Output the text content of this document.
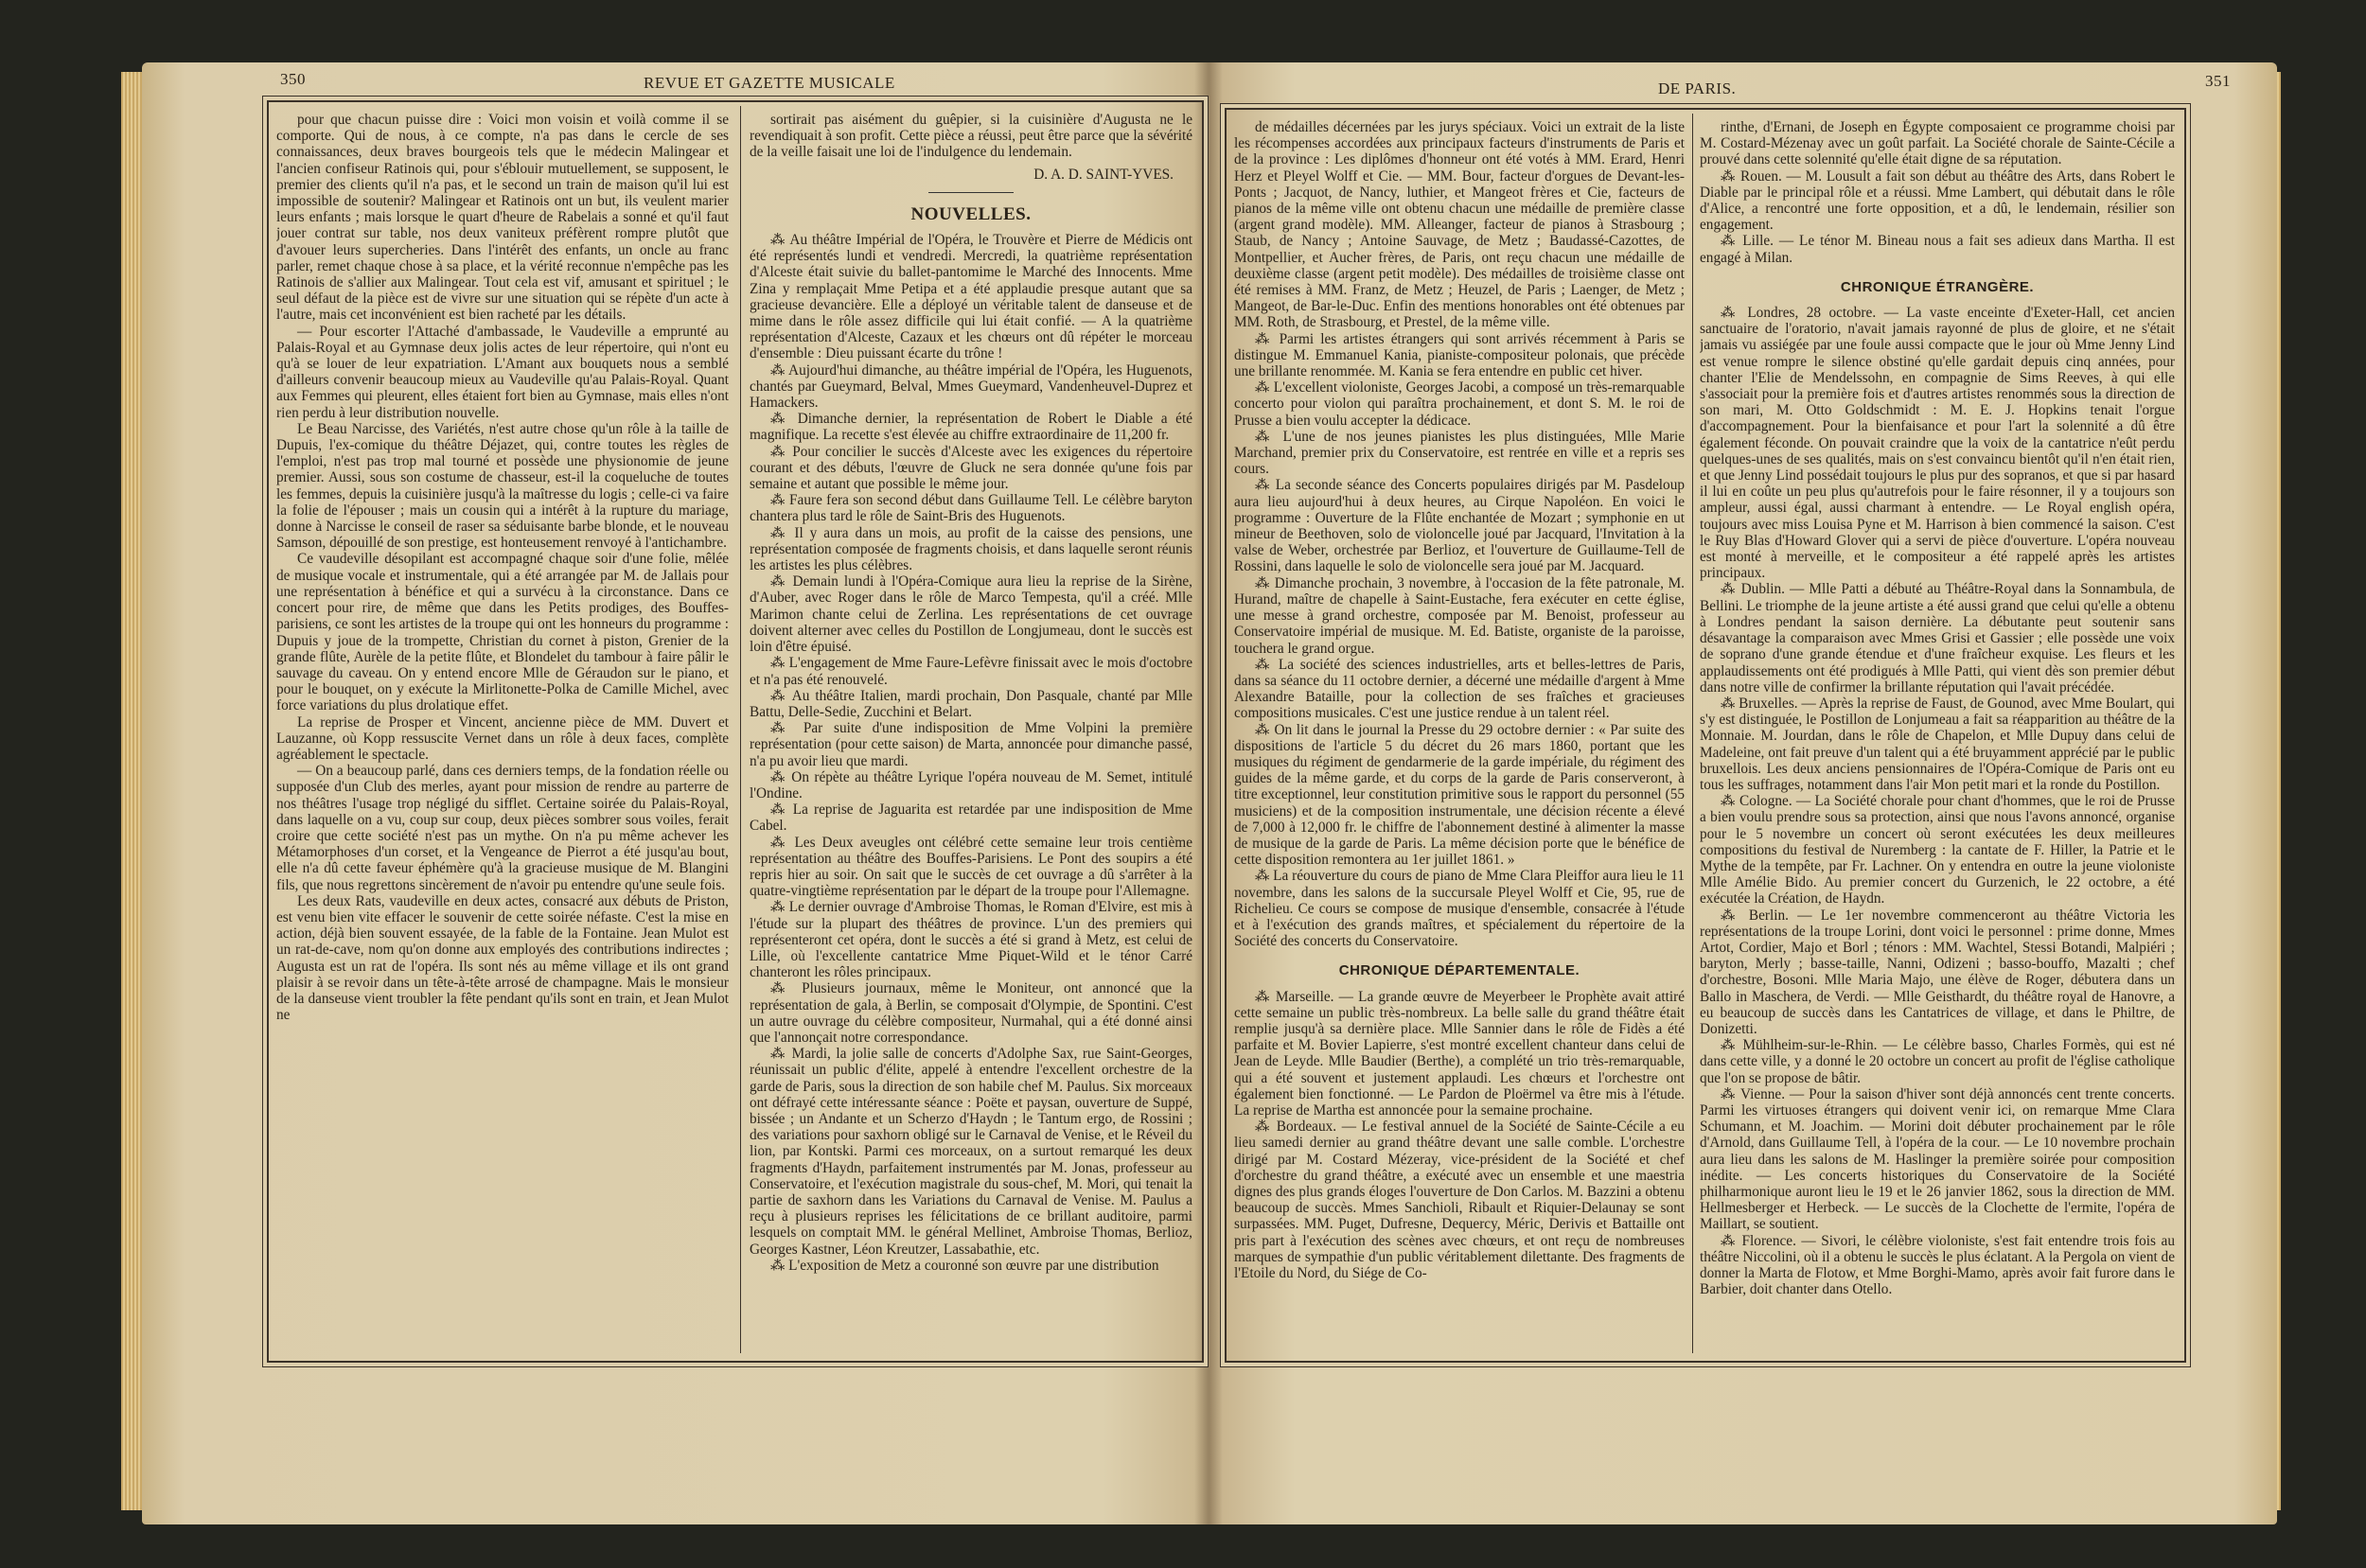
350	REVUE ET GAZETTE MUSICALE	DE PARIS.	351

pour que chacun puisse dire : Voici mon voisin et voilà comme il se comporte. Qui de nous, à ce compte, n'a pas dans le cercle de ses connaissances, deux braves bourgeois tels que le médecin Malingear et l'ancien confiseur Ratinois qui, pour s'éblouir mutuellement, se supposent, le premier des clients qu'il n'a pas, et le second un train de maison qu'il lui est impossible de soutenir? Malingear et Ratinois ont un but, ils veulent marier leurs enfants ; mais lorsque le quart d'heure de Rabelais a sonné et qu'il faut jouer contrat sur table, nos deux vaniteux préfèrent rompre plutôt que d'avouer leurs supercheries. Dans l'intérêt des enfants, un oncle au franc parler, remet chaque chose à sa place, et la vérité reconnue n'empêche pas les Ratinois de s'allier aux Malingear. Tout cela est vif, amusant et spirituel ; le seul défaut de la pièce est de vivre sur une situation qui se répète d'un acte à l'autre, mais cet inconvénient est bien racheté par les détails.

— Pour escorter l'Attaché d'ambassade, le Vaudeville a emprunté au Palais-Royal et au Gymnase deux jolis actes de leur répertoire, qui n'ont eu qu'à se louer de leur expatriation. L'Amant aux bouquets nous a semblé d'ailleurs convenir beaucoup mieux au Vaudeville qu'au Palais-Royal. Quant aux Femmes qui pleurent, elles étaient fort bien au Gymnase, mais elles n'ont rien perdu à leur distribution nouvelle.

Le Beau Narcisse, des Variétés, n'est autre chose qu'un rôle à la taille de Dupuis, l'ex-comique du théâtre Déjazet, qui, contre toutes les règles de l'emploi, n'est pas trop mal tourné et possède une physionomie de jeune premier. Aussi, sous son costume de chasseur, est-il la coqueluche de toutes les femmes, depuis la cuisinière jusqu'à la maîtresse du logis ; celle-ci va faire la folie de l'épouser ; mais un cousin qui a intérêt à la rupture du mariage, donne à Narcisse le conseil de raser sa séduisante barbe blonde, et le nouveau Samson, dépouillé de son prestige, est honteusement renvoyé à l'antichambre.

Ce vaudeville désopilant est accompagné chaque soir d'une folie, mêlée de musique vocale et instrumentale, qui a été arrangée par M. de Jallais pour une représentation à bénéfice et qui a survécu à la circonstance. Dans ce concert pour rire, de même que dans les Petits prodiges, des Bouffes-parisiens, ce sont les artistes de la troupe qui ont les honneurs du programme : Dupuis y joue de la trompette, Christian du cornet à piston, Grenier de la grande flûte, Aurèle de la petite flûte, et Blondelet du tambour à faire pâlir le sauvage du caveau. On y entend encore Mlle de Géraudon sur le piano, et pour le bouquet, on y exécute la Mirlitonette-Polka de Camille Michel, avec force variations du plus drolatique effet.

La reprise de Prosper et Vincent, ancienne pièce de MM. Duvert et Lauzanne, où Kopp ressuscite Vernet dans un rôle à deux faces, complète agréablement le spectacle.

— On a beaucoup parlé, dans ces derniers temps, de la fondation réelle ou supposée d'un Club des merles, ayant pour mission de rendre au parterre de nos théâtres l'usage trop négligé du sifflet. Certaine soirée du Palais-Royal, dans laquelle on a vu, coup sur coup, deux pièces sombrer sous voiles, ferait croire que cette société n'est pas un mythe. On n'a pu même achever les Métamorphoses d'un corset, et la Vengeance de Pierrot a été jusqu'au bout, elle n'a dû cette faveur éphémère qu'à la gracieuse musique de M. Blangini fils, que nous regrettons sincèrement de n'avoir pu entendre qu'une seule fois.

Les deux Rats, vaudeville en deux actes, consacré aux débuts de Priston, est venu bien vite effacer le souvenir de cette soirée néfaste. C'est la mise en action, déjà bien souvent essayée, de la fable de la Fontaine. Jean Mulot est un rat-de-cave, nom qu'on donne aux employés des contributions indirectes ; Augusta est un rat de l'opéra. Ils sont nés au même village et ils ont grand plaisir à se revoir dans un tête-à-tête arrosé de champagne. Mais le monsieur de la danseuse vient troubler la fête pendant qu'ils sont en train, et Jean Mulot ne

sortirait pas aisément du guêpier, si la cuisinière d'Augusta ne le revendiquait à son profit. Cette pièce a réussi, peut être parce que la sévérité de la veille faisait une loi de l'indulgence du lendemain.

D. A. D. SAINT-YVES.
NOUVELLES.

⁂ Au théâtre Impérial de l'Opéra, le Trouvère et Pierre de Médicis ont été représentés lundi et vendredi. Mercredi, la quatrième représentation d'Alceste était suivie du ballet-pantomime le Marché des Innocents. Mme Zina y remplaçait Mme Petipa et a été applaudie presque autant que sa gracieuse devancière. Elle a déployé un véritable talent de danseuse et de mime dans le rôle assez difficile qui lui était confié. — A la quatrième représentation d'Alceste, Cazaux et les chœurs ont dû répéter le morceau d'ensemble : Dieu puissant écarte du trône !

⁂ Aujourd'hui dimanche, au théâtre impérial de l'Opéra, les Huguenots, chantés par Gueymard, Belval, Mmes Gueymard, Vandenheuvel-Duprez et Hamackers.

⁂ Dimanche dernier, la représentation de Robert le Diable a été magnifique. La recette s'est élevée au chiffre extraordinaire de 11,200 fr.

⁂ Pour concilier le succès d'Alceste avec les exigences du répertoire courant et des débuts, l'œuvre de Gluck ne sera donnée qu'une fois par semaine et autant que possible le même jour.

⁂ Faure fera son second début dans Guillaume Tell. Le célèbre baryton chantera plus tard le rôle de Saint-Bris des Huguenots.

⁂ Il y aura dans un mois, au profit de la caisse des pensions, une représentation composée de fragments choisis, et dans laquelle seront réunis les artistes les plus célèbres.

⁂ Demain lundi à l'Opéra-Comique aura lieu la reprise de la Sirène, d'Auber, avec Roger dans le rôle de Marco Tempesta, qu'il a créé. Mlle Marimon chante celui de Zerlina. Les représentations de cet ouvrage doivent alterner avec celles du Postillon de Longjumeau, dont le succès est loin d'être épuisé.

⁂ L'engagement de Mme Faure-Lefèvre finissait avec le mois d'octobre et n'a pas été renouvelé.

⁂ Au théâtre Italien, mardi prochain, Don Pasquale, chanté par Mlle Battu, Delle-Sedie, Zucchini et Belart.

⁂ Par suite d'une indisposition de Mme Volpini la première représentation (pour cette saison) de Marta, annoncée pour dimanche passé, n'a pu avoir lieu que mardi.

⁂ On répète au théâtre Lyrique l'opéra nouveau de M. Semet, intitulé l'Ondine.

⁂ La reprise de Jaguarita est retardée par une indisposition de Mme Cabel.

⁂ Les Deux aveugles ont célébré cette semaine leur trois centième représentation au théâtre des Bouffes-Parisiens. Le Pont des soupirs a été repris hier au soir. On sait que le succès de cet ouvrage a dû s'arrêter à la quatre-vingtième représentation par le départ de la troupe pour l'Allemagne.

⁂ Le dernier ouvrage d'Ambroise Thomas, le Roman d'Elvire, est mis à l'étude sur la plupart des théâtres de province. L'un des premiers qui représenteront cet opéra, dont le succès a été si grand à Metz, est celui de Lille, où l'excellente cantatrice Mme Piquet-Wild et le ténor Carré chanteront les rôles principaux.

⁂ Plusieurs journaux, même le Moniteur, ont annoncé que la représentation de gala, à Berlin, se composait d'Olympie, de Spontini. C'est un autre ouvrage du célèbre compositeur, Nurmahal, qui a été donné ainsi que l'annonçait notre correspondance.

⁂ Mardi, la jolie salle de concerts d'Adolphe Sax, rue Saint-Georges, réunissait un public d'élite, appelé à entendre l'excellent orchestre de la garde de Paris, sous la direction de son habile chef M. Paulus. Six morceaux ont défrayé cette intéressante séance : Poëte et paysan, ouverture de Suppé, bissée ; un Andante et un Scherzo d'Haydn ; le Tantum ergo, de Rossini ; des variations pour saxhorn obligé sur le Carnaval de Venise, et le Réveil du lion, par Kontski. Parmi ces morceaux, on a surtout remarqué les deux fragments d'Haydn, parfaitement instrumentés par M. Jonas, professeur au Conservatoire, et l'exécution magistrale du sous-chef, M. Mori, qui tenait la partie de saxhorn dans les Variations du Carnaval de Venise. M. Paulus a reçu à plusieurs reprises les félicitations de ce brillant auditoire, parmi lesquels on comptait MM. le général Mellinet, Ambroise Thomas, Berlioz, Georges Kastner, Léon Kreutzer, Lassabathie, etc.

⁂ L'exposition de Metz a couronné son œuvre par une distribution

de médailles décernées par les jurys spéciaux. Voici un extrait de la liste les récompenses accordées aux principaux facteurs d'instruments de Paris et de la province : Les diplômes d'honneur ont été votés à MM. Erard, Henri Herz et Pleyel Wolff et Cie. — MM. Bour, facteur d'orgues de Devant-les-Ponts ; Jacquot, de Nancy, luthier, et Mangeot frères et Cie, facteurs de pianos de la même ville ont obtenu chacun une médaille de première classe (argent grand modèle). MM. Alleanger, facteur de pianos à Strasbourg ; Staub, de Nancy ; Antoine Sauvage, de Metz ; Baudassé-Cazottes, de Montpellier, et Aucher frères, de Paris, ont reçu chacun une médaille de deuxième classe (argent petit modèle). Des médailles de troisième classe ont été remises à MM. Franz, de Metz ; Heuzel, de Paris ; Laenger, de Metz ; Mangeot, de Bar-le-Duc. Enfin des mentions honorables ont été obtenues par MM. Roth, de Strasbourg, et Prestel, de la même ville.

⁂ Parmi les artistes étrangers qui sont arrivés récemment à Paris se distingue M. Emmanuel Kania, pianiste-compositeur polonais, que précède une brillante renommée. M. Kania se fera entendre en public cet hiver.

⁂ L'excellent violoniste, Georges Jacobi, a composé un très-remarquable concerto pour violon qui paraîtra prochainement, et dont S. M. le roi de Prusse a bien voulu accepter la dédicace.

⁂ L'une de nos jeunes pianistes les plus distinguées, Mlle Marie Marchand, premier prix du Conservatoire, est rentrée en ville et a repris ses cours.

⁂ La seconde séance des Concerts populaires dirigés par M. Pasdeloup aura lieu aujourd'hui à deux heures, au Cirque Napoléon. En voici le programme : Ouverture de la Flûte enchantée de Mozart ; symphonie en ut mineur de Beethoven, solo de violoncelle joué par Jacquard, l'Invitation à la valse de Weber, orchestrée par Berlioz, et l'ouverture de Guillaume-Tell de Rossini, dans laquelle le solo de violoncelle sera joué par M. Jacquard.

⁂ Dimanche prochain, 3 novembre, à l'occasion de la fête patronale, M. Hurand, maître de chapelle à Saint-Eustache, fera exécuter en cette église, une messe à grand orchestre, composée par M. Benoist, professeur au Conservatoire impérial de musique. M. Ed. Batiste, organiste de la paroisse, touchera le grand orgue.

⁂ La société des sciences industrielles, arts et belles-lettres de Paris, dans sa séance du 11 octobre dernier, a décerné une médaille d'argent à Mme Alexandre Bataille, pour la collection de ses fraîches et gracieuses compositions musicales. C'est une justice rendue à un talent réel.

⁂ On lit dans le journal la Presse du 29 octobre dernier : « Par suite des dispositions de l'article 5 du décret du 26 mars 1860, portant que les musiques du régiment de gendarmerie de la garde impériale, du régiment des guides de la même garde, et du corps de la garde de Paris conserveront, à titre exceptionnel, leur constitution primitive sous le rapport du personnel (55 musiciens) et de la composition instrumentale, une décision récente a élevé de 7,000 à 12,000 fr. le chiffre de l'abonnement destiné à alimenter la masse de musique de la garde de Paris. La même décision porte que le bénéfice de cette disposition remontera au 1er juillet 1861. »

⁂ La réouverture du cours de piano de Mme Clara Pleiffor aura lieu le 11 novembre, dans les salons de la succursale Pleyel Wolff et Cie, 95, rue de Richelieu. Ce cours se compose de musique d'ensemble, consacrée à l'étude et à l'exécution des grands maîtres, et spécialement du répertoire de la Société des concerts du Conservatoire.

CHRONIQUE DÉPARTEMENTALE.

⁂ Marseille. — La grande œuvre de Meyerbeer le Prophète avait attiré cette semaine un public très-nombreux. La belle salle du grand théâtre était remplie jusqu'à sa dernière place. Mlle Sannier dans le rôle de Fidès a été parfaite et M. Bovier Lapierre, s'est montré excellent chanteur dans celui de Jean de Leyde. Mlle Baudier (Berthe), a complété un trio très-remarquable, qui a été souvent et justement applaudi. Les chœurs et l'orchestre ont également bien fonctionné. — Le Pardon de Ploërmel va être mis à l'étude. La reprise de Martha est annoncée pour la semaine prochaine.

⁂ Bordeaux. — Le festival annuel de la Société de Sainte-Cécile a eu lieu samedi dernier au grand théâtre devant une salle comble. L'orchestre dirigé par M. Costard Mézeray, vice-président de la Société et chef d'orchestre du grand théâtre, a exécuté avec un ensemble et une maestria dignes des plus grands éloges l'ouverture de Don Carlos. M. Bazzini a obtenu beaucoup de succès. Mmes Sanchioli, Ribault et Riquier-Delaunay se sont surpassées. MM. Puget, Dufresne, Dequercy, Méric, Derivis et Battaille ont pris part à l'exécution des scènes avec chœurs, et ont reçu de nombreuses marques de sympathie d'un public véritablement dilettante. Des fragments de l'Etoile du Nord, du Siége de Co-

rinthe, d'Ernani, de Joseph en Égypte composaient ce programme choisi par M. Costard-Mézenay avec un goût parfait. La Société chorale de Sainte-Cécile a prouvé dans cette solennité qu'elle était digne de sa réputation.

⁂ Rouen. — M. Lousult a fait son début au théâtre des Arts, dans Robert le Diable par le principal rôle et a réussi. Mme Lambert, qui débutait dans le rôle d'Alice, a rencontré une forte opposition, et a dû, le lendemain, résilier son engagement.

⁂ Lille. — Le ténor M. Bineau nous a fait ses adieux dans Martha. Il est engagé à Milan.

CHRONIQUE ÉTRANGÈRE.

⁂ Londres, 28 octobre. — La vaste enceinte d'Exeter-Hall, cet ancien sanctuaire de l'oratorio, n'avait jamais rayonné de plus de gloire, et ne s'était jamais vu assiégée par une foule aussi compacte que le jour où Mme Jenny Lind est venue rompre le silence obstiné qu'elle gardait depuis cinq années, pour chanter l'Elie de Mendelssohn, en compagnie de Sims Reeves, à qui elle s'associait pour la première fois et d'autres artistes renommés sous la direction de son mari, M. Otto Goldschmidt : M. E. J. Hopkins tenait l'orgue d'accompagnement. Pour la bienfaisance et pour l'art la solennité a dû être également féconde. On pouvait craindre que la voix de la cantatrice n'eût perdu quelques-unes de ses qualités, mais on s'est convaincu bientôt qu'il n'en était rien, et que Jenny Lind possédait toujours le plus pur des sopranos, et que si par hasard il lui en coûte un peu plus qu'autrefois pour le faire résonner, il y a toujours son ampleur, aussi égal, aussi charmant à entendre. — Le Royal english opéra, toujours avec miss Louisa Pyne et M. Harrison à bien commencé la saison. C'est le Ruy Blas d'Howard Glover qui a servi de pièce d'ouverture. L'opéra nouveau est monté à merveille, et le compositeur a été rappelé après les artistes principaux.

⁂ Dublin. — Mlle Patti a débuté au Théâtre-Royal dans la Sonnambula, de Bellini. Le triomphe de la jeune artiste a été aussi grand que celui qu'elle a obtenu à Londres pendant la saison dernière. La débutante peut soutenir sans désavantage la comparaison avec Mmes Grisi et Gassier ; elle possède une voix de soprano d'une grande étendue et d'une fraîcheur exquise. Les fleurs et les applaudissements ont été prodigués à Mlle Patti, qui vient dès son premier début dans notre ville de confirmer la brillante réputation qui l'avait précédée.

⁂ Bruxelles. — Après la reprise de Faust, de Gounod, avec Mme Boulart, qui s'y est distinguée, le Postillon de Lonjumeau a fait sa réapparition au théâtre de la Monnaie. M. Jourdan, dans le rôle de Chapelon, et Mlle Dupuy dans celui de Madeleine, ont fait preuve d'un talent qui a été bruyamment apprécié par le public bruxellois. Les deux anciens pensionnaires de l'Opéra-Comique de Paris ont eu tous les suffrages, notamment dans l'air Mon petit mari et la ronde du Postillon.

⁂ Cologne. — La Société chorale pour chant d'hommes, que le roi de Prusse a bien voulu prendre sous sa protection, ainsi que nous l'avons annoncé, organise pour le 5 novembre un concert où seront exécutées les deux meilleures compositions du festival de Nuremberg : la cantate de F. Hiller, la Patrie et le Mythe de la tempête, par Fr. Lachner. On y entendra en outre la jeune violoniste Mlle Amélie Bido. Au premier concert du Gurzenich, le 22 octobre, a été exécutée la Création, de Haydn.

⁂ Berlin. — Le 1er novembre commenceront au théâtre Victoria les représentations de la troupe Lorini, dont voici le personnel : prime donne, Mmes Artot, Cordier, Majo et Borl ; ténors : MM. Wachtel, Stessi Botandi, Malpiéri ; baryton, Merly ; basse-taille, Nanni, Odizeni ; basso-bouffo, Mazalti ; chef d'orchestre, Bosoni. Mlle Maria Majo, une élève de Roger, débutera dans un Ballo in Maschera, de Verdi. — Mlle Geisthardt, du théâtre royal de Hanovre, a eu beaucoup de succès dans les Cantatrices de village, et dans le Philtre, de Donizetti.

⁂ Mühlheim-sur-le-Rhin. — Le célèbre basso, Charles Formès, qui est né dans cette ville, y a donné le 20 octobre un concert au profit de l'église catholique que l'on se propose de bâtir.

⁂ Vienne. — Pour la saison d'hiver sont déjà annoncés cent trente concerts. Parmi les virtuoses étrangers qui doivent venir ici, on remarque Mme Clara Schumann, et M. Joachim. — Morini doit débuter prochainement par le rôle d'Arnold, dans Guillaume Tell, à l'opéra de la cour. — Le 10 novembre prochain aura lieu dans les salons de M. Haslinger la première soirée pour composition inédite. — Les concerts historiques du Conservatoire de la Société philharmonique auront lieu le 19 et le 26 janvier 1862, sous la direction de MM. Hellmesberger et Herbeck. — Le succès de la Clochette de l'ermite, l'opéra de Maillart, se soutient.

⁂ Florence. — Sivori, le célèbre violoniste, s'est fait entendre trois fois au théâtre Niccolini, où il a obtenu le succès le plus éclatant. A la Pergola on vient de donner la Marta de Flotow, et Mme Borghi-Mamo, après avoir fait furore dans le Barbier, doit chanter dans Otello.
